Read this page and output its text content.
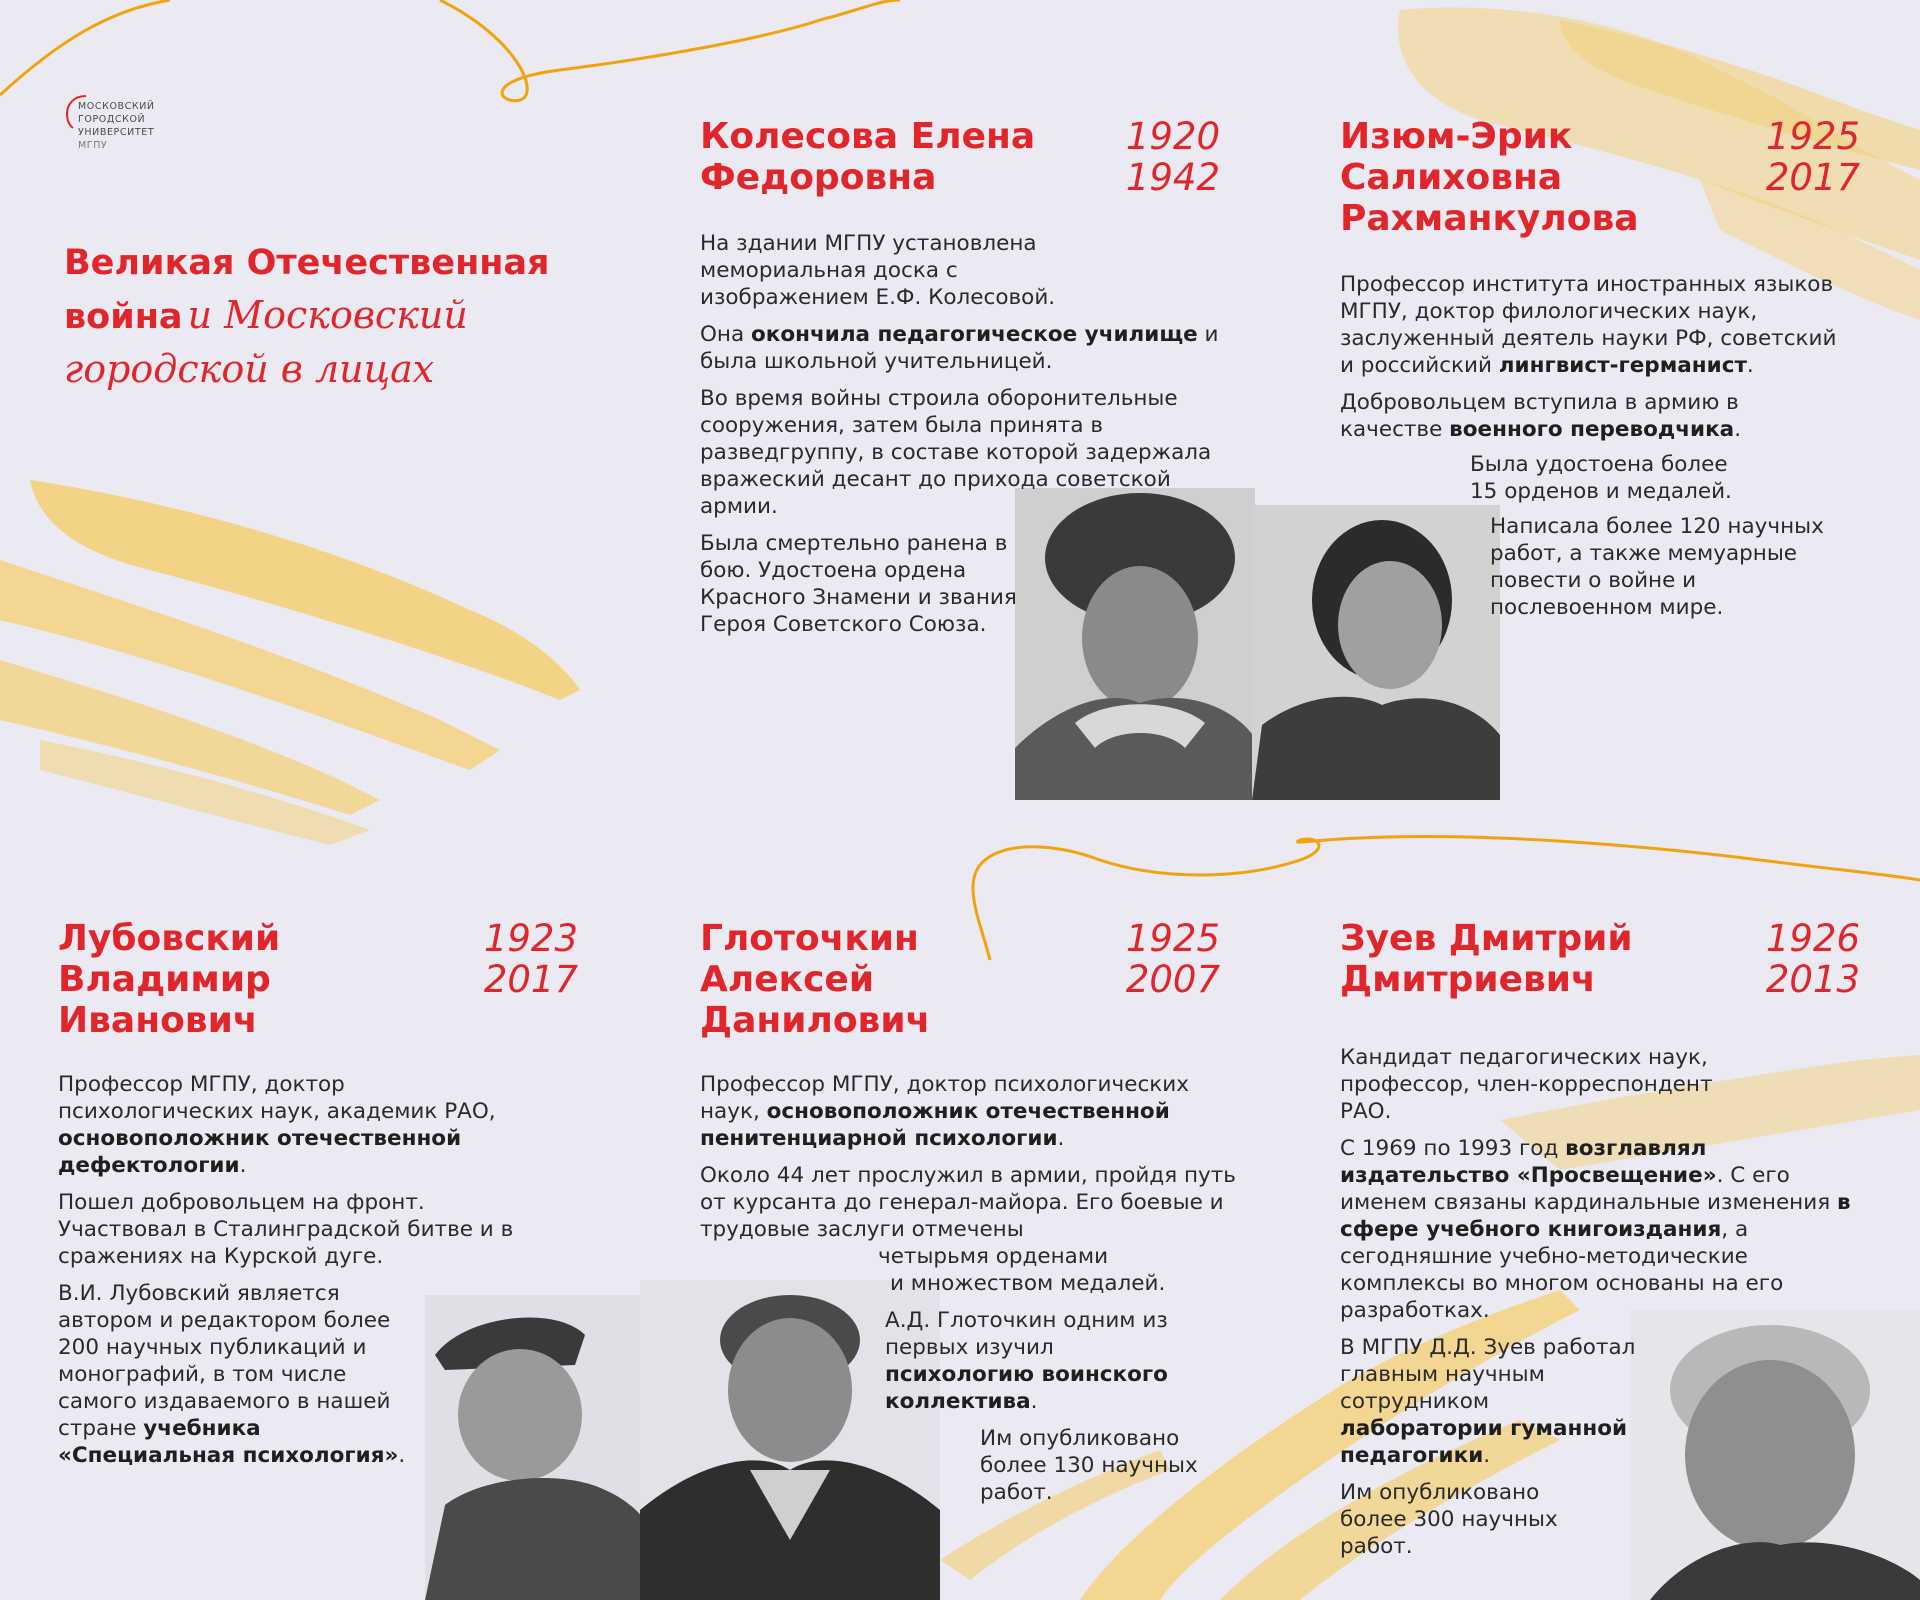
МОСКОВСКИЙ
ГОРОДСКОЙ
УНИВЕРСИТЕТ
МГПУ
Великая Отечественная
война и Московский
городской в лицах
Колесова Елена
Федоровна
1920
1942

На здании МГПУ установлена мемориальная доска с изображением Е.Ф. Колесовой.

Она окончила педагогическое училище и была школьной учительницей.

Во время войны строила оборонительные сооружения, затем была принята в разведгруппу, в составе которой задержала вражеский десант до прихода советской армии.

Была смертельно ранена в бою. Удостоена ордена Красного Знамени и звания Героя Советского Союза.

Изюм-Эрик
Салиховна
Рахманкулова
1925
2017

Профессор института иностранных языков МГПУ, доктор филологических наук, заслуженный деятель науки РФ, советский и российский лингвист-германист.

Добровольцем вступила в армию в качестве военного переводчика.

Была удостоена более 15 орденов и медалей.

Написала более 120 научных работ, а также мемуарные повести о войне и послевоенном мире.

Лубовский
Владимир
Иванович
1923
2017

Профессор МГПУ, доктор психологических наук, академик РАО, основоположник отечественной дефектологии.

Пошел добровольцем на фронт. Участвовал в Сталинградской битве и в сражениях на Курской дуге.

В.И. Лубовский является автором и редактором более 200 научных публикаций и монографий, в том числе самого издаваемого в нашей стране учебника «Специальная психология».

Глоточкин
Алексей
Данилович
1925
2007

Профессор МГПУ, доктор психологических наук, основоположник отечественной пенитенциарной психологии.

Около 44 лет прослужил в армии, пройдя путь от курсанта до генерал-майора. Его боевые и трудовые заслуги отмечены
четырьмя орденами
и множеством медалей.

А.Д. Глоточкин одним из первых изучил психологию воинского коллектива.

Им опубликовано более 130 научных работ.

Зуев Дмитрий
Дмитриевич
1926
2013

Кандидат педагогических наук, профессор, член-корреспондент РАО.

С 1969 по 1993 год возглавлял издательство «Просвещение». С его именем связаны кардинальные изменения в сфере учебного книгоиздания, а сегодняшние учебно-методические комплексы во многом основаны на его разработках.

В МГПУ Д.Д. Зуев работал главным научным сотрудником лаборатории гуманной педагогики.

Им опубликовано более 300 научных работ.
